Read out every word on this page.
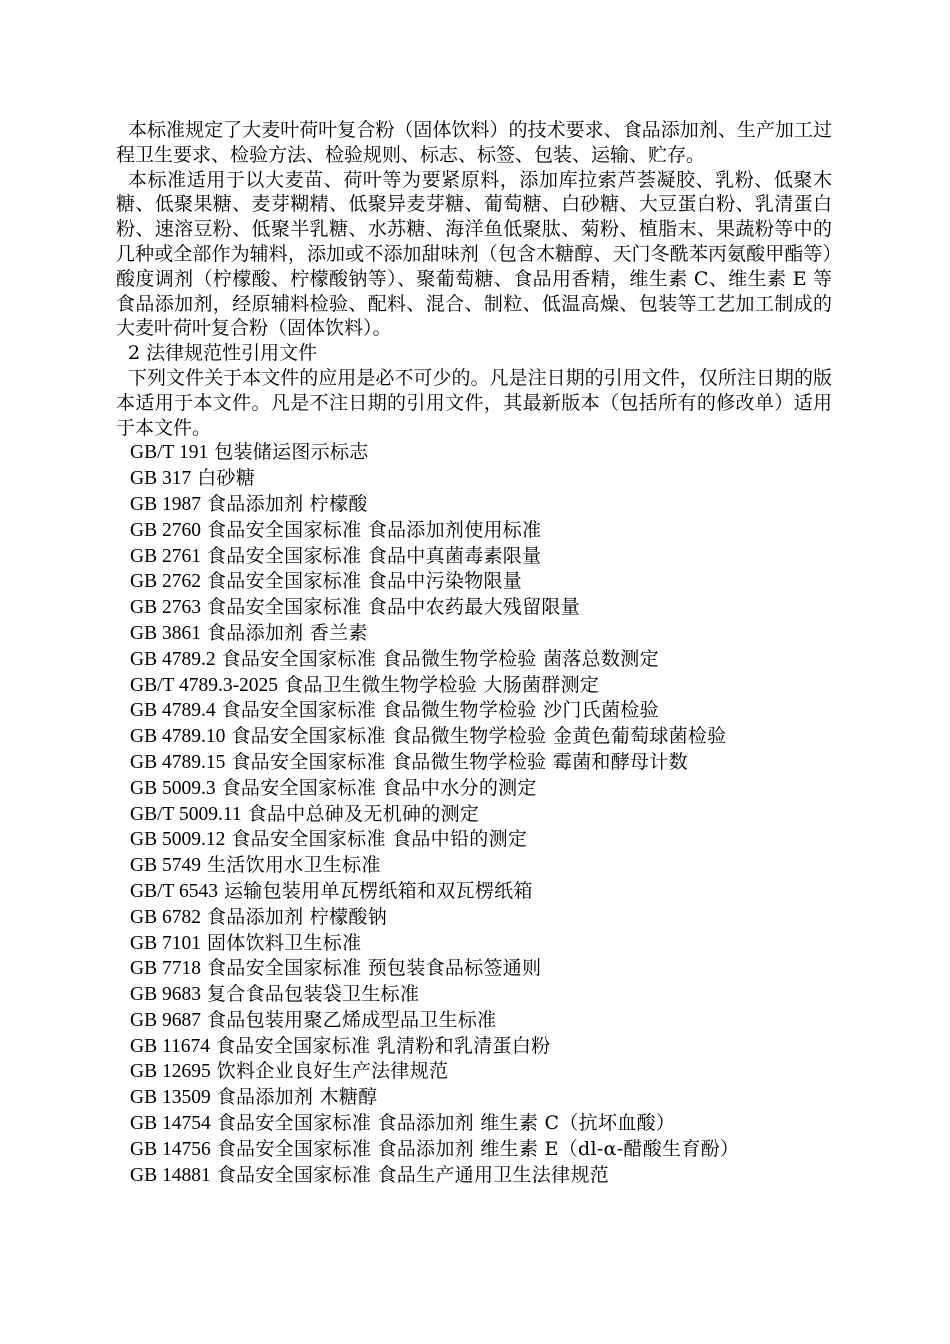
本标准规定了大麦叶荷叶复合粉（固体饮料）的技术要求、食品添加剂、生产加工过程卫生要求、检验方法、检验规则、标志、标签、包装、运输、贮存。

本标准适用于以大麦苗、荷叶等为要紧原料，添加库拉索芦荟凝胶、乳粉、低聚木糖、低聚果糖、麦芽糊精、低聚异麦芽糖、葡萄糖、白砂糖、大豆蛋白粉、乳清蛋白粉、速溶豆粉、低聚半乳糖、水苏糖、海洋鱼低聚肽、菊粉、植脂末、果蔬粉等中的几种或全部作为辅料，添加或不添加甜味剂（包含木糖醇、天门冬酰苯丙氨酸甲酯等）酸度调剂（柠檬酸、柠檬酸钠等）、聚葡萄糖、食品用香精，维生素 C、维生素 E 等食品添加剂，经原辅料检验、配料、混合、制粒、低温高燥、包装等工艺加工制成的大麦叶荷叶复合粉（固体饮料）。

2 法律规范性引用文件

下列文件关于本文件的应用是必不可少的。凡是注日期的引用文件，仅所注日期的版本适用于本文件。凡是不注日期的引用文件，其最新版本（包括所有的修改单）适用于本文件。

GB/T 191 包装储运图示标志
GB 317 白砂糖
GB 1987 食品添加剂 柠檬酸
GB 2760 食品安全国家标准 食品添加剂使用标准
GB 2761 食品安全国家标准 食品中真菌毒素限量
GB 2762 食品安全国家标准 食品中污染物限量
GB 2763 食品安全国家标准 食品中农药最大残留限量
GB 3861 食品添加剂 香兰素
GB 4789.2 食品安全国家标准 食品微生物学检验 菌落总数测定
GB/T 4789.3-2025 食品卫生微生物学检验 大肠菌群测定
GB 4789.4 食品安全国家标准 食品微生物学检验 沙门氏菌检验
GB 4789.10 食品安全国家标准 食品微生物学检验 金黄色葡萄球菌检验
GB 4789.15 食品安全国家标准 食品微生物学检验 霉菌和酵母计数
GB 5009.3 食品安全国家标准 食品中水分的测定
GB/T 5009.11 食品中总砷及无机砷的测定
GB 5009.12 食品安全国家标准 食品中铅的测定
GB 5749 生活饮用水卫生标准
GB/T 6543 运输包装用单瓦楞纸箱和双瓦楞纸箱
GB 6782 食品添加剂 柠檬酸钠
GB 7101 固体饮料卫生标准
GB 7718 食品安全国家标准 预包装食品标签通则
GB 9683 复合食品包装袋卫生标准
GB 9687 食品包装用聚乙烯成型品卫生标准
GB 11674 食品安全国家标准 乳清粉和乳清蛋白粉
GB 12695 饮料企业良好生产法律规范
GB 13509 食品添加剂 木糖醇
GB 14754 食品安全国家标准 食品添加剂 维生素 C（抗坏血酸）
GB 14756 食品安全国家标准 食品添加剂 维生素 E（dl-α-醋酸生育酚）
GB 14881 食品安全国家标准 食品生产通用卫生法律规范
